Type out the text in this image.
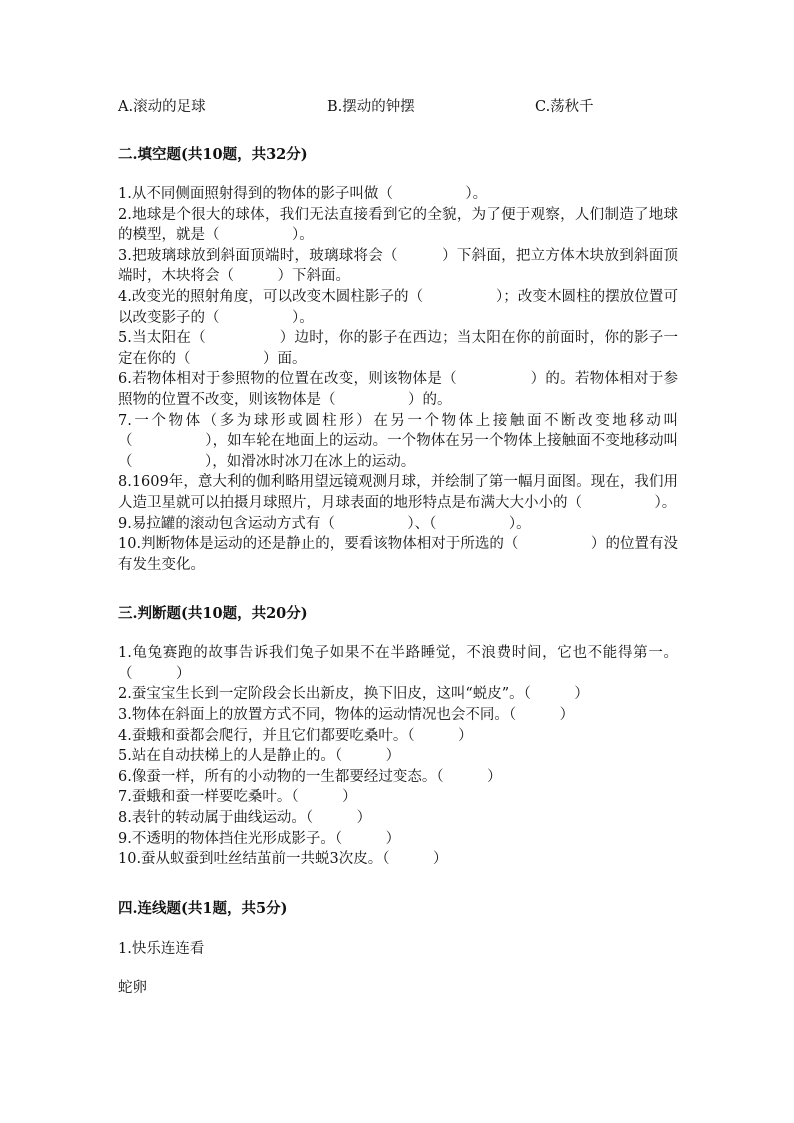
A.滚动的足球	B.摆动的钟摆	C.荡秋千
二.填空题(共10题，共32分)

1.从不同侧面照射得到的物体的影子叫做（　　　　　）。

2.地球是个很大的球体，我们无法直接看到它的全貌，为了便于观察，人们制造了地球的模型，就是（　　　　　）。

3.把玻璃球放到斜面顶端时，玻璃球将会（　　　）下斜面，把立方体木块放到斜面顶端时，木块将会（　　　）下斜面。

4.改变光的照射角度，可以改变木圆柱影子的（　　　　　）；改变木圆柱的摆放位置可以改变影子的（　　　　　）。

5.当太阳在（　　　　　）边时，你的影子在西边；当太阳在你的前面时，你的影子一定在你的（　　　　　）面。

6.若物体相对于参照物的位置在改变，则该物体是（　　　　　）的。若物体相对于参照物的位置不改变，则该物体是（　　　　　）的。

7.一个物体（多为球形或圆柱形）在另一个物体上接触面不断改变地移动叫（　　　　　），如车轮在地面上的运动。一个物体在另一个物体上接触面不变地移动叫（　　　　　），如滑冰时冰刀在冰上的运动。

8.1609年，意大利的伽利略用望远镜观测月球，并绘制了第一幅月面图。现在，我们用人造卫星就可以拍摄月球照片，月球表面的地形特点是布满大大小小的（　　　　　）。

9.易拉罐的滚动包含运动方式有（　　　　　）、（　　　　　）。

10.判断物体是运动的还是静止的，要看该物体相对于所选的（　　　　　）的位置有没有发生变化。

三.判断题(共10题，共20分)

1.龟兔赛跑的故事告诉我们兔子如果不在半路睡觉，不浪费时间，它也不能得第一。（　　　）

2.蚕宝宝生长到一定阶段会长出新皮，换下旧皮，这叫“蜕皮”。（　　　）

3.物体在斜面上的放置方式不同，物体的运动情况也会不同。（　　　）

4.蚕蛾和蚕都会爬行，并且它们都要吃桑叶。（　　　）

5.站在自动扶梯上的人是静止的。（　　　）

6.像蚕一样，所有的小动物的一生都要经过变态。（　　　）

7.蚕蛾和蚕一样要吃桑叶。（　　　）

8.表针的转动属于曲线运动。（　　　）

9.不透明的物体挡住光形成影子。（　　　）

10.蚕从蚁蚕到吐丝结茧前一共蜕3次皮。（　　　）

四.连线题(共1题，共5分)
1.快乐连连看
蛇卵
